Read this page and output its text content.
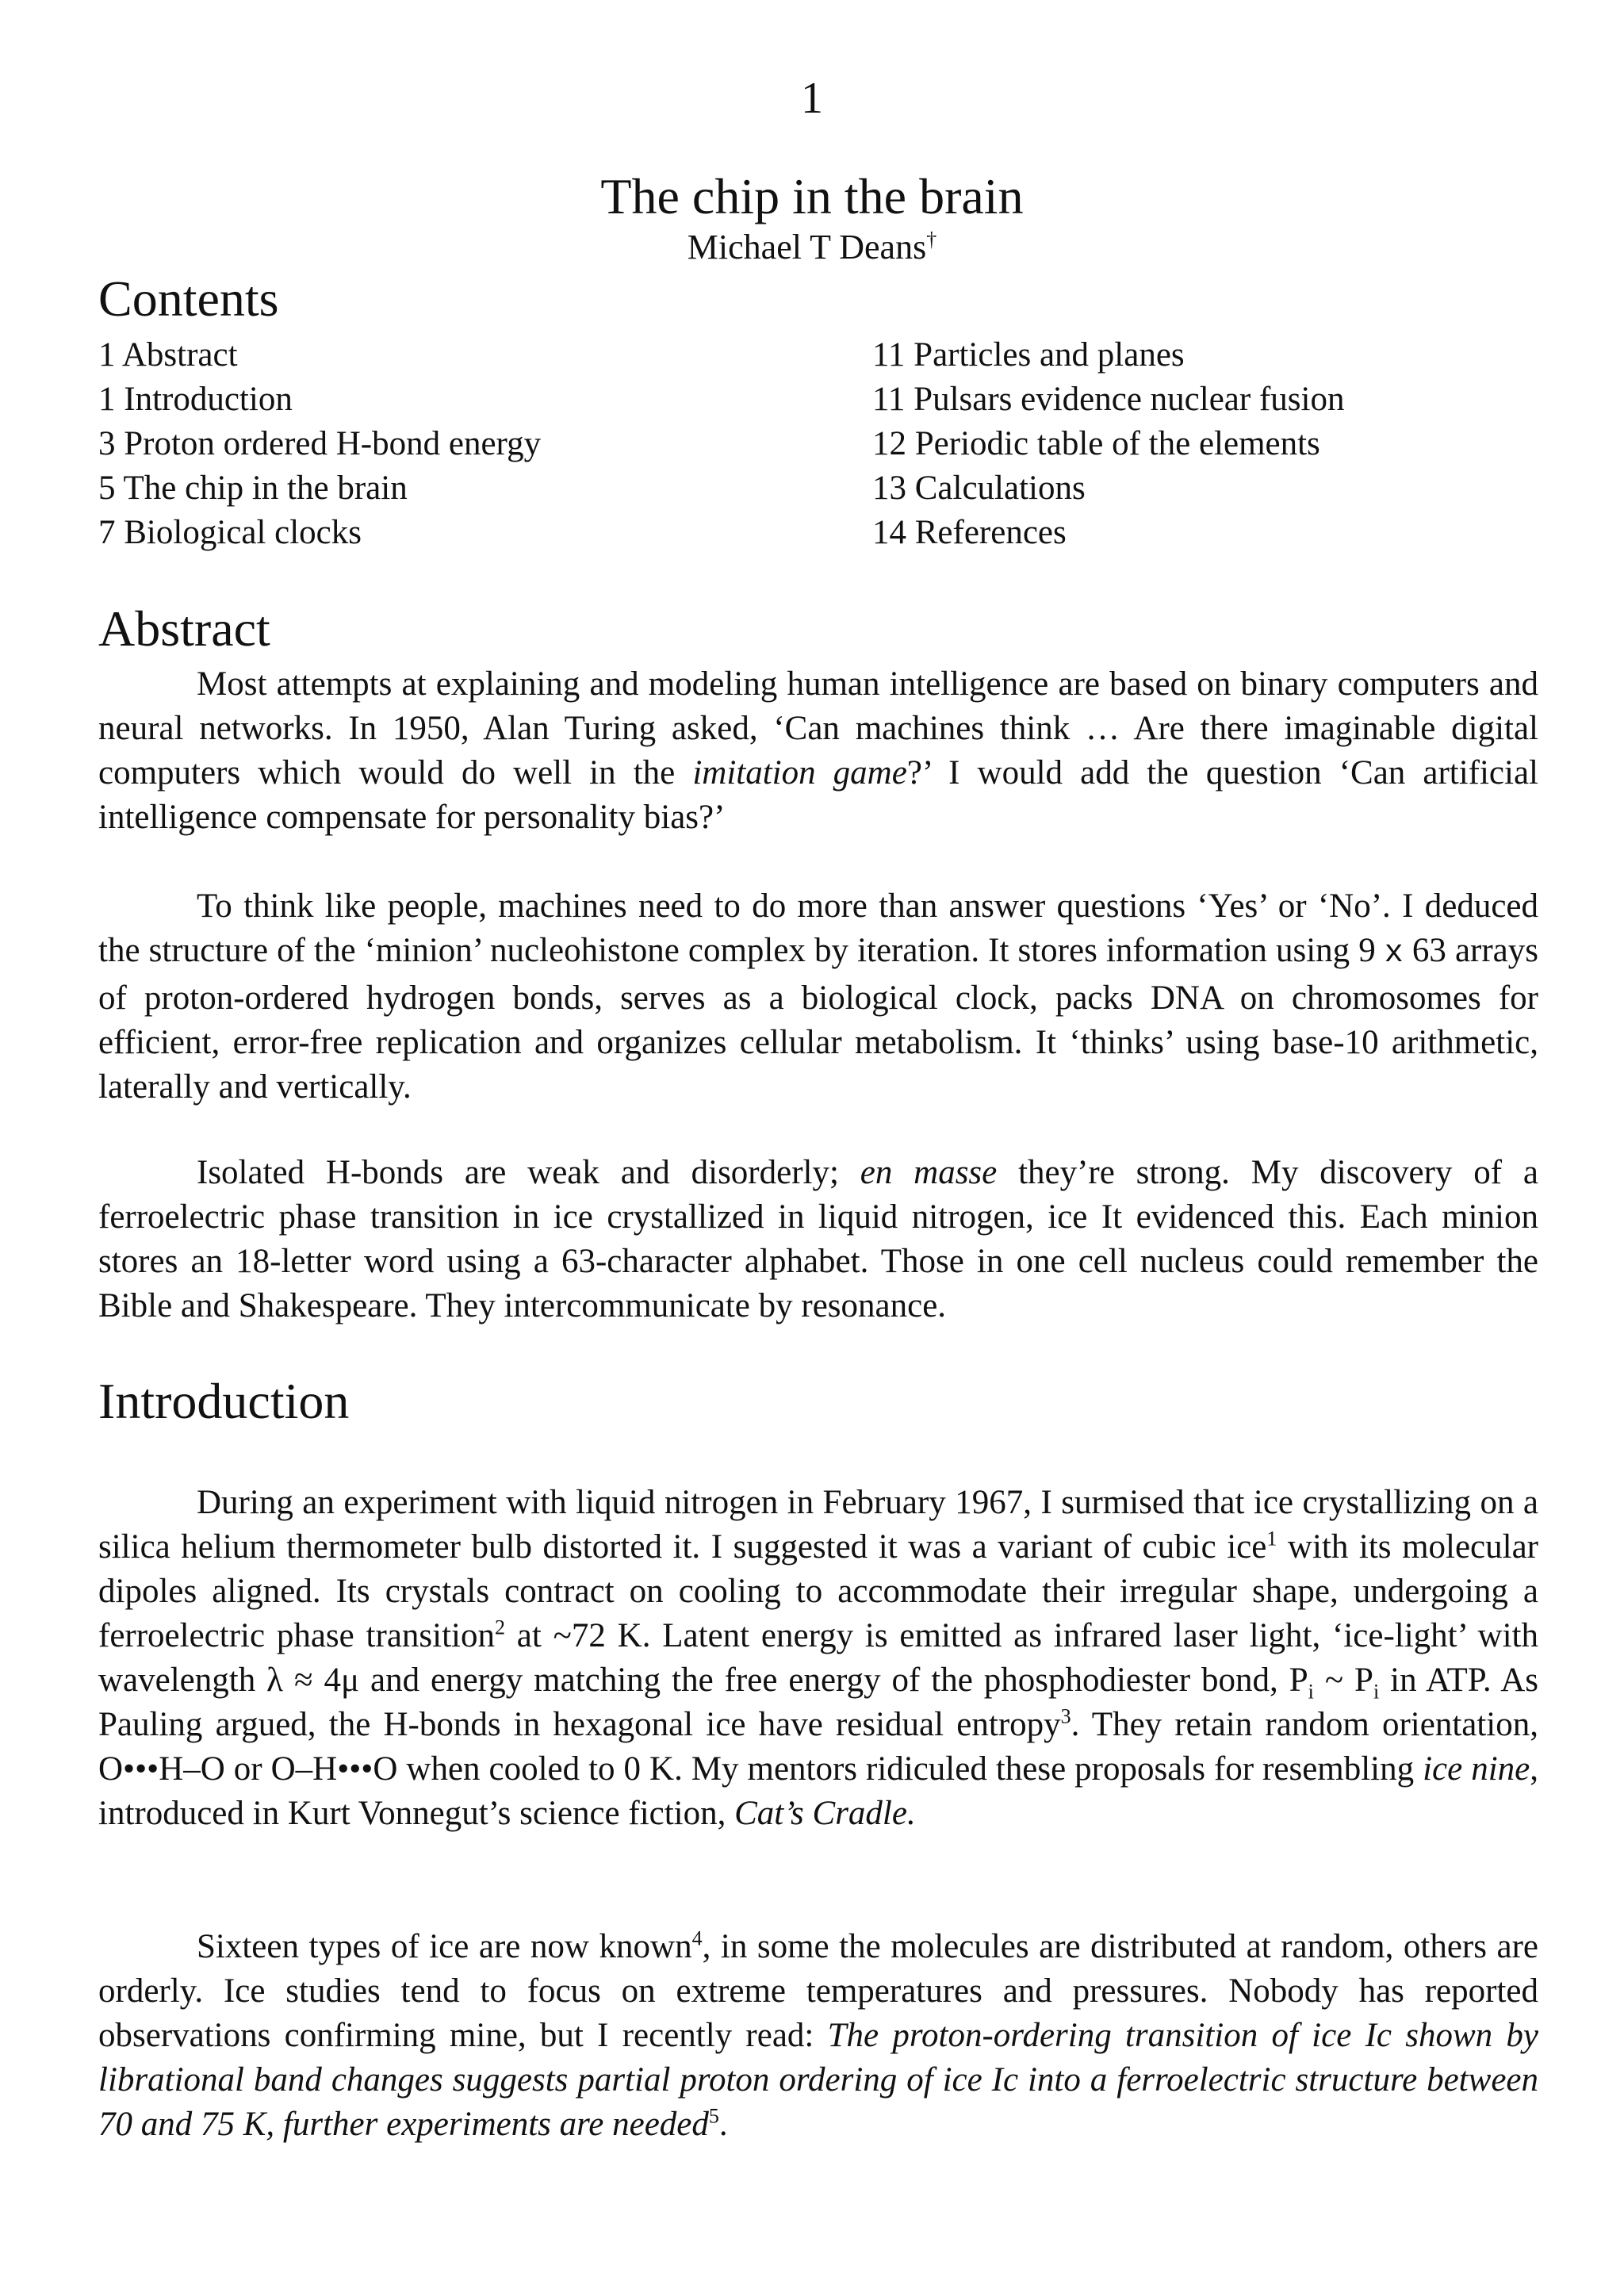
1
The chip in the brain
Michael T Deans†
Contents
1 Abstract
1 Introduction
3 Proton ordered H-bond energy
5 The chip in the brain
7 Biological clocks
11 Particles and planes
11 Pulsars evidence nuclear fusion
12 Periodic table of the elements
13 Calculations
14 References
Abstract

Most attempts at explaining and modeling human intelligence are based on binary computers and neural networks. In 1950, Alan Turing asked, ‘Can machines think … Are there imaginable digital computers which would do well in the imitation game?’ I would add the question ‘Can artificial intelligence compensate for personality bias?’

To think like people, machines need to do more than answer questions ‘Yes’ or ‘No’. I deduced the structure of the ‘minion’ nucleohistone complex by iteration. It stores information using 9 x 63 arrays of proton-ordered hydrogen bonds, serves as a biological clock, packs DNA on chromosomes for efficient, error-free replication and organizes cellular metabolism. It ‘thinks’ using base-10 arithmetic, laterally and vertically.

Isolated H-bonds are weak and disorderly; en masse they’re strong. My discovery of a ferroelectric phase transition in ice crystallized in liquid nitrogen, ice It evidenced this. Each minion stores an 18-letter word using a 63-character alphabet. Those in one cell nucleus could remember the Bible and Shakespeare. They intercommunicate by resonance.

Introduction

During an experiment with liquid nitrogen in February 1967, I surmised that ice crystallizing on a silica helium thermometer bulb distorted it. I suggested it was a variant of cubic ice$^1$ with its molecular dipoles aligned. Its crystals contract on cooling to accommodate their irregular shape, undergoing a ferroelectric phase transition$^2$ at ~72 K. Latent energy is emitted as infrared laser light, ‘ice-light’ with wavelength λ ≈ 4μ and energy matching the free energy of the phosphodiester bond, $P_i$ ~ $P_i$ in ATP. As Pauling argued, the H-bonds in hexagonal ice have residual entropy$^3$. They retain random orientation, O•••H–O or O–H•••O when cooled to 0 K. My mentors ridiculed these proposals for resembling ice nine, introduced in Kurt Vonnegut’s science fiction, Cat’s Cradle.

Sixteen types of ice are now known$^4$, in some the molecules are distributed at random, others are orderly. Ice studies tend to focus on extreme temperatures and pressures. Nobody has reported observations confirming mine, but I recently read: The proton-ordering transition of ice Ic shown by librational band changes suggests partial proton ordering of ice Ic into a ferroelectric structure between 70 and 75 K, further experiments are needed$^5$.
